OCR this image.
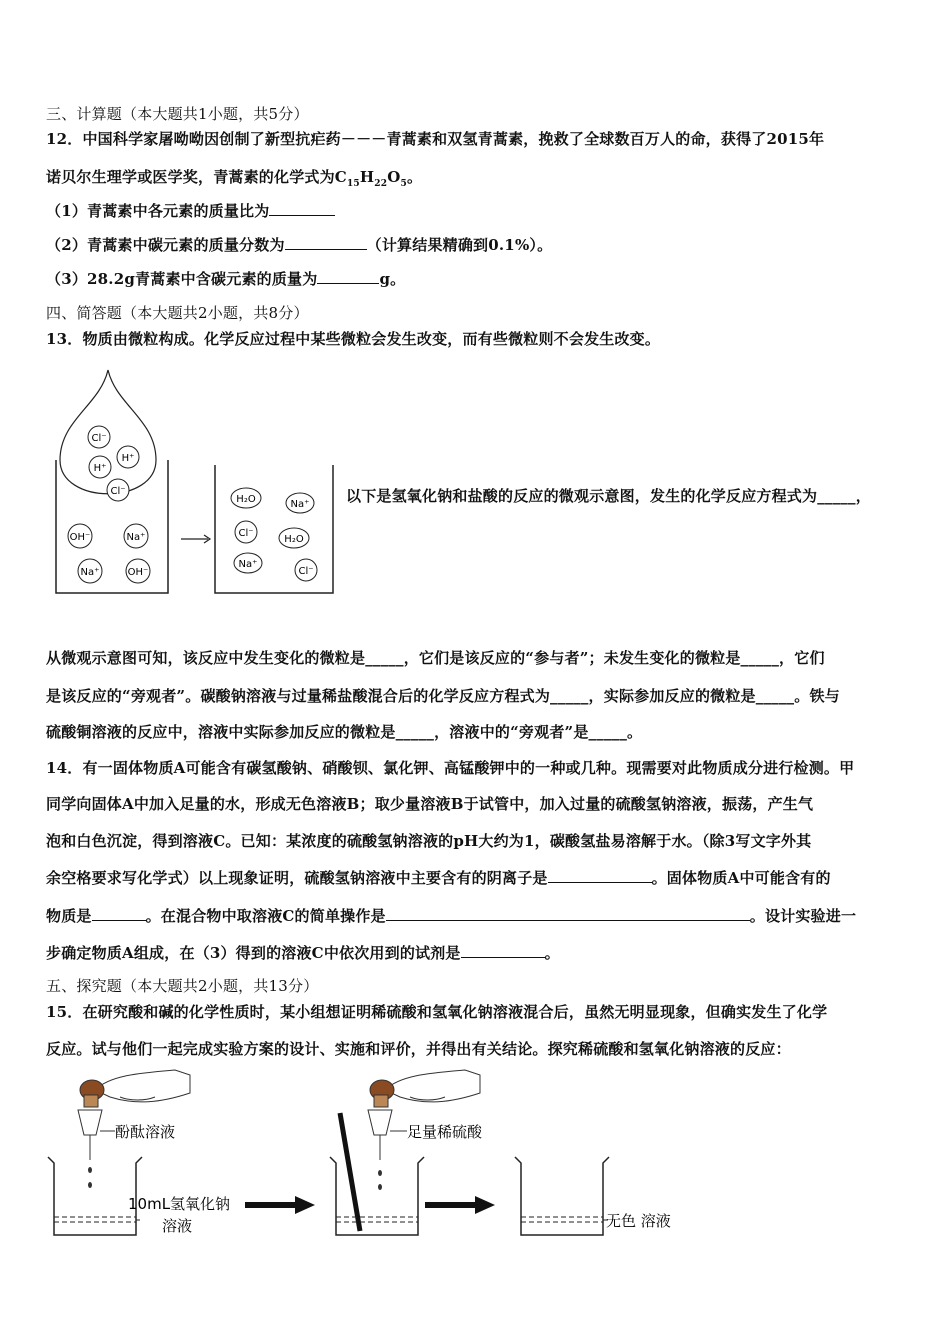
三、计算题（本大题共1小题，共5分）
12．中国科学家屠呦呦因创制了新型抗疟药－－－青蒿素和双氢青蒿素，挽救了全球数百万人的命，获得了2015年
诺贝尔生理学或医学奖，青蒿素的化学式为$C_{15}H_{22}O_5$。
（1）青蒿素中各元素的质量比为
（2）青蒿素中碳元素的质量分数为	（计算结果精确到0.1%）。
（3）28.2g青蒿素中含碳元素的质量为	g。
四、简答题（本大题共2小题，共8分）
13．物质由微粒构成。化学反应过程中某些微粒会发生改变，而有些微粒则不会发生改变。
Cl⁻
H⁺
H⁺
Cl⁻
OH⁻	Na⁺
Na⁺	OH⁻
H₂O	Na⁺
Cl⁻
H₂O
Na⁺
Cl⁻
以下是氢氧化钠和盐酸的反应的微观示意图，发生的化学反应方程式为_____，
从微观示意图可知，该反应中发生变化的微粒是_____，它们是该反应的“参与者”；未发生变化的微粒是_____，它们
是该反应的“旁观者”。碳酸钠溶液与过量稀盐酸混合后的化学反应方程式为_____，实际参加反应的微粒是_____。铁与
硫酸铜溶液的反应中，溶液中实际参加反应的微粒是_____，溶液中的“旁观者”是_____。
14．有一固体物质A可能含有碳氢酸钠、硝酸钡、氯化钾、高锰酸钾中的一种或几种。现需要对此物质成分进行检测。甲
同学向固体A中加入足量的水，形成无色溶液B；取少量溶液B于试管中，加入过量的硫酸氢钠溶液，振荡，产生气
泡和白色沉淀，得到溶液C。已知：某浓度的硫酸氢钠溶液的pH大约为1，碳酸氢盐易溶解于水。（除3写文字外其
余空格要求写化学式）以上现象证明，硫酸氢钠溶液中主要含有的阴离子是	。固体物质A中可能含有的
物质是	。在混合物中取溶液C的简单操作是	。设计实验进一
步确定物质A组成，在（3）得到的溶液C中依次用到的试剂是	。
五、探究题（本大题共2小题，共13分）
15．在研究酸和碱的化学性质时，某小组想证明稀硫酸和氢氧化钠溶液混合后，虽然无明显现象，但确实发生了化学
反应。试与他们一起完成实验方案的设计、实施和评价，并得出有关结论。探究稀硫酸和氢氧化钠溶液的反应：
酚酞溶液
10mL氢氧化钠
溶液
足量稀硫酸
无色 溶液
